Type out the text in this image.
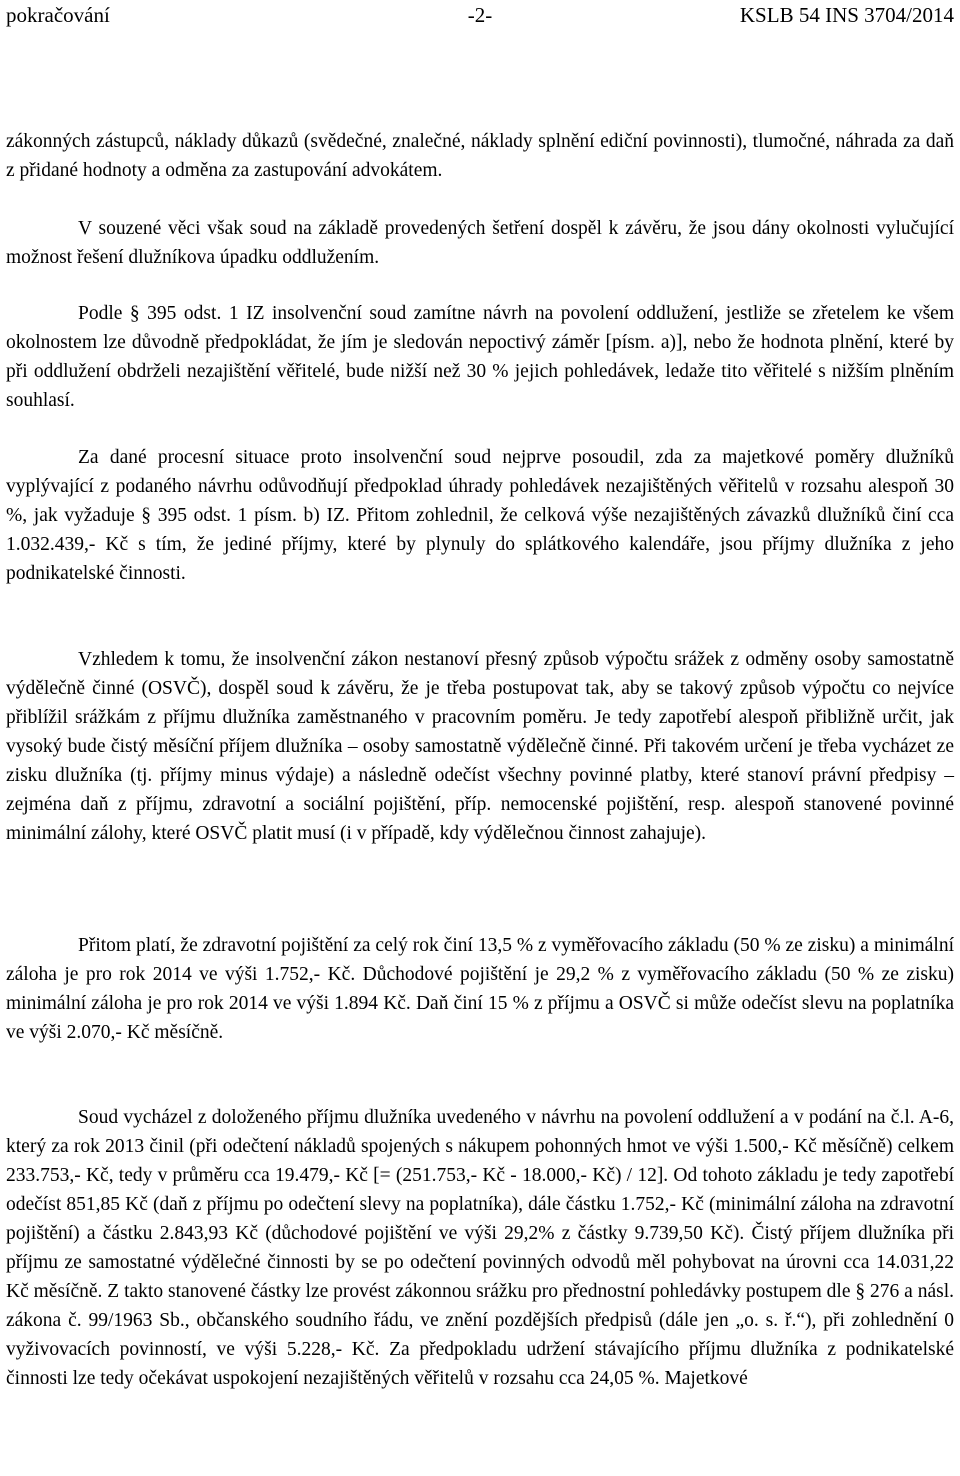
pokračování	-2-	KSLB 54 INS 3704/2014

zákonných zástupců, náklady důkazů (svědečné, znalečné, náklady splnění ediční povinnosti), tlumočné, náhrada za daň z přidané hodnoty a odměna za zastupování advokátem.

V souzené věci však soud na základě provedených šetření dospěl k závěru, že jsou dány okolnosti vylučující možnost řešení dlužníkova úpadku oddlužením.

Podle § 395 odst. 1 IZ insolvenční soud zamítne návrh na povolení oddlužení, jestliže se zřetelem ke všem okolnostem lze důvodně předpokládat, že jím je sledován nepoctivý záměr [písm. a)], nebo že hodnota plnění, které by při oddlužení obdrželi nezajištění věřitelé, bude nižší než 30 % jejich pohledávek, ledaže tito věřitelé s nižším plněním souhlasí.

Za dané procesní situace proto insolvenční soud nejprve posoudil, zda za majetkové poměry dlužníků vyplývající z podaného návrhu odůvodňují předpoklad úhrady pohledávek nezajištěných věřitelů v rozsahu alespoň 30 %, jak vyžaduje § 395 odst. 1 písm. b) IZ. Přitom zohlednil, že celková výše nezajištěných závazků dlužníků činí cca 1.032.439,- Kč s tím, že jediné příjmy, které by plynuly do splátkového kalendáře, jsou příjmy dlužníka z jeho podnikatelské činnosti.

Vzhledem k tomu, že insolvenční zákon nestanoví přesný způsob výpočtu srážek z odměny osoby samostatně výdělečně činné (OSVČ), dospěl soud k závěru, že je třeba postupovat tak, aby se takový způsob výpočtu co nejvíce přiblížil srážkám z příjmu dlužníka zaměstnaného v pracovním poměru. Je tedy zapotřebí alespoň přibližně určit, jak vysoký bude čistý měsíční příjem dlužníka – osoby samostatně výdělečně činné. Při takovém určení je třeba vycházet ze zisku dlužníka (tj. příjmy minus výdaje) a následně odečíst všechny povinné platby, které stanoví právní předpisy – zejména daň z příjmu, zdravotní a sociální pojištění, příp. nemocenské pojištění, resp. alespoň stanovené povinné minimální zálohy, které OSVČ platit musí (i v případě, kdy výdělečnou činnost zahajuje).

Přitom platí, že zdravotní pojištění za celý rok činí 13,5 % z vyměřovacího základu (50 % ze zisku) a minimální záloha je pro rok 2014 ve výši 1.752,- Kč. Důchodové pojištění je 29,2 % z vyměřovacího základu (50 % ze zisku) minimální záloha je pro rok 2014 ve výši 1.894 Kč. Daň činí 15 % z příjmu a OSVČ si může odečíst slevu na poplatníka ve výši 2.070,- Kč měsíčně.

Soud vycházel z doloženého příjmu dlužníka uvedeného v návrhu na povolení oddlužení a v podání na č.l. A-6, který za rok 2013 činil (při odečtení nákladů spojených s nákupem pohonných hmot ve výši 1.500,- Kč měsíčně) celkem 233.753,- Kč, tedy v průměru cca 19.479,- Kč [= (251.753,- Kč - 18.000,- Kč) / 12]. Od tohoto základu je tedy zapotřebí odečíst 851,85 Kč (daň z příjmu po odečtení slevy na poplatníka), dále částku 1.752,- Kč (minimální záloha na zdravotní pojištění) a částku 2.843,93 Kč (důchodové pojištění ve výši 29,2% z částky 9.739,50 Kč). Čistý příjem dlužníka při příjmu ze samostatné výdělečné činnosti by se po odečtení povinných odvodů měl pohybovat na úrovni cca 14.031,22 Kč měsíčně. Z takto stanovené částky lze provést zákonnou srážku pro přednostní pohledávky postupem dle § 276 a násl. zákona č. 99/1963 Sb., občanského soudního řádu, ve znění pozdějších předpisů (dále jen „o. s. ř.“), při zohlednění 0 vyživovacích povinností, ve výši 5.228,- Kč. Za předpokladu udržení stávajícího příjmu dlužníka z podnikatelské činnosti lze tedy očekávat uspokojení nezajištěných věřitelů v rozsahu cca 24,05 %. Majetkové
